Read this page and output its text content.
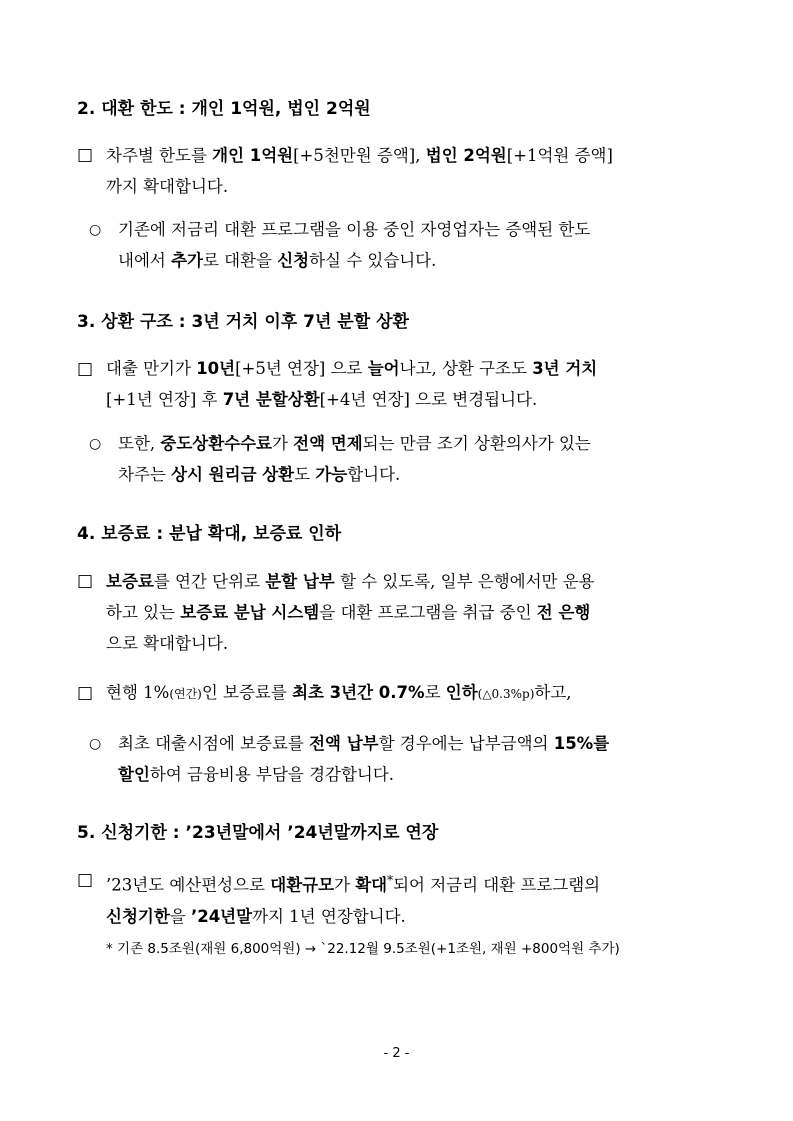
2. 대환 한도 : 개인 1억원, 법인 2억원
□ 차주별 한도를 개인 1억원[+5천만원 증액], 법인 2억원[+1억원 증액]
까지 확대합니다.
○ 기존에 저금리 대환 프로그램을 이용 중인 자영업자는 증액된 한도
내에서 추가로 대환을 신청하실 수 있습니다.
3. 상환 구조 : 3년 거치 이후 7년 분할 상환
□ 대출 만기가 10년[+5년 연장] 으로 늘어나고, 상환 구조도 3년 거치
[+1년 연장] 후 7년 분할상환[+4년 연장] 으로 변경됩니다.
○ 또한, 중도상환수수료가 전액 면제되는 만큼 조기 상환의사가 있는
차주는 상시 원리금 상환도 가능합니다.
4. 보증료 : 분납 확대, 보증료 인하
□ 보증료를 연간 단위로 분할 납부 할 수 있도록, 일부 은행에서만 운용
하고 있는 보증료 분납 시스템을 대환 프로그램을 취급 중인 전 은행
으로 확대합니다.
□ 현행 1%(연간)인 보증료를 최초 3년간 0.7%로 인하(△0.3%p)하고,
○ 최초 대출시점에 보증료를 전액 납부할 경우에는 납부금액의 15%를
할인하여 금융비용 부담을 경감합니다.
5. 신청기한 : ’23년말에서 ’24년말까지로 연장
□ ’23년도 예산편성으로 대환규모가 확대*되어 저금리 대환 프로그램의
신청기한을 ’24년말까지 1년 연장합니다.
* 기존 8.5조원(재원 6,800억원) → `22.12월 9.5조원(+1조원, 재원 +800억원 추가)
- 2 -
